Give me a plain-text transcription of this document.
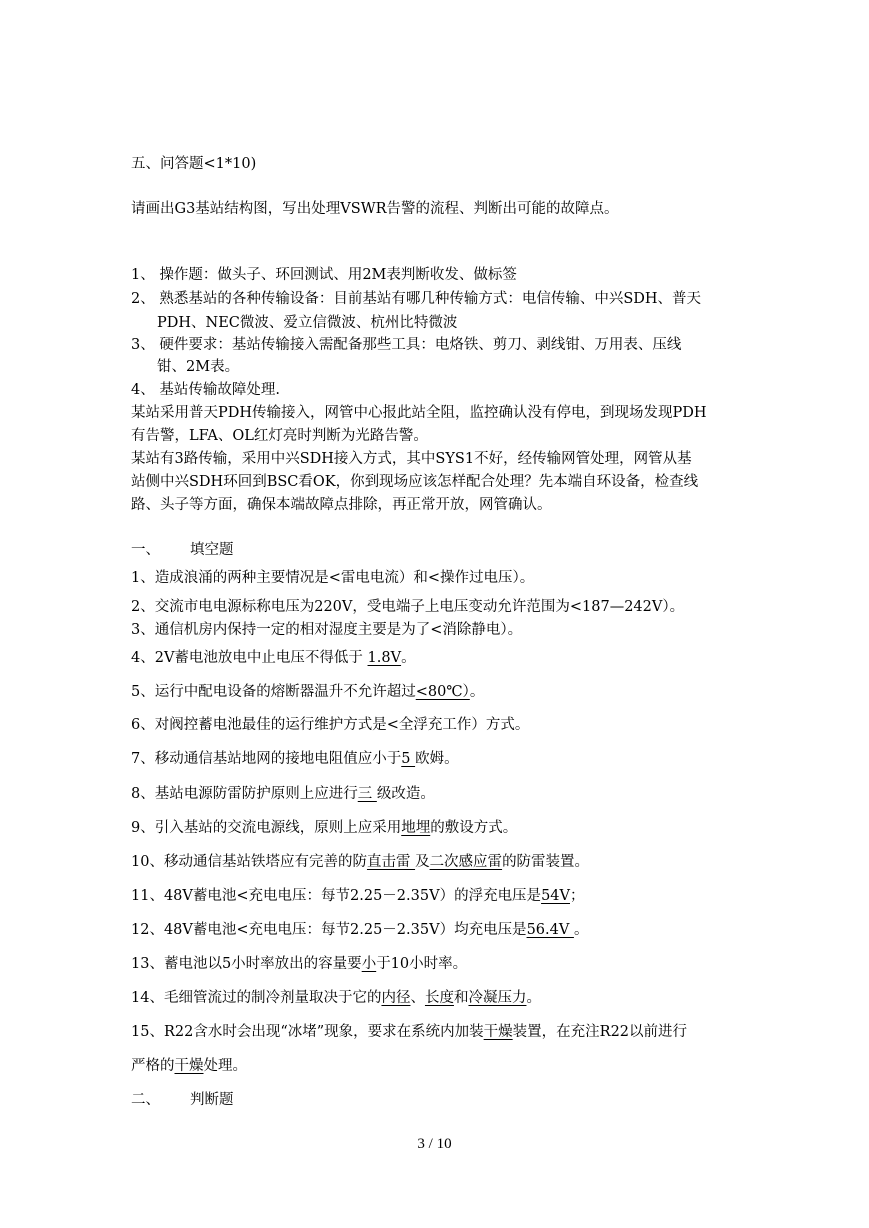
五、问答题<1*10)
请画出G3基站结构图，写出处理VSWR告警的流程、判断出可能的故障点。
1、 操作题：做头子、环回测试、用2M表判断收发、做标签
2、 熟悉基站的各种传输设备：目前基站有哪几种传输方式：电信传输、中兴SDH、普天
PDH、NEC微波、爱立信微波、杭州比特微波
3、 硬件要求：基站传输接入需配备那些工具：电烙铁、剪刀、剥线钳、万用表、压线
钳、2M表。
4、 基站传输故障处理.
某站采用普天PDH传输接入，网管中心报此站全阻，监控确认没有停电，到现场发现PDH
有告警，LFA、OL红灯亮时判断为光路告警。
某站有3路传输，采用中兴SDH接入方式，其中SYS1不好，经传输网管处理，网管从基
站侧中兴SDH环回到BSC看OK，你到现场应该怎样配合处理？先本端自环设备，检查线
路、头子等方面，确保本端故障点排除，再正常开放，网管确认。
一、 填空题
1、造成浪涌的两种主要情况是<雷电电流）和<操作过电压）。
2、交流市电电源标称电压为220V，受电端子上电压变动允许范围为<187—242V）。
3、通信机房内保持一定的相对湿度主要是为了<消除静电）。
4、2V蓄电池放电中止电压不得低于 1.8V。
5、运行中配电设备的熔断器温升不允许超过<80℃）。
6、对阀控蓄电池最佳的运行维护方式是<全浮充工作）方式。
7、移动通信基站地网的接地电阻值应小于5 欧姆。
8、基站电源防雷防护原则上应进行三 级改造。
9、引入基站的交流电源线，原则上应采用地埋的敷设方式。
10、移动通信基站铁塔应有完善的防直击雷 及二次感应雷的防雷装置。
11、48V蓄电池<充电电压：每节2.25－2.35V）的浮充电压是54V；
12、48V蓄电池<充电电压：每节2.25－2.35V）均充电压是56.4V 。
13、蓄电池以5小时率放出的容量要小于10小时率。
14、毛细管流过的制冷剂量取决于它的内径、长度和冷凝压力。
15、R22含水时会出现“冰堵”现象，要求在系统内加装干燥装置，在充注R22以前进行
严格的干燥处理。
二、 判断题
3 / 10
